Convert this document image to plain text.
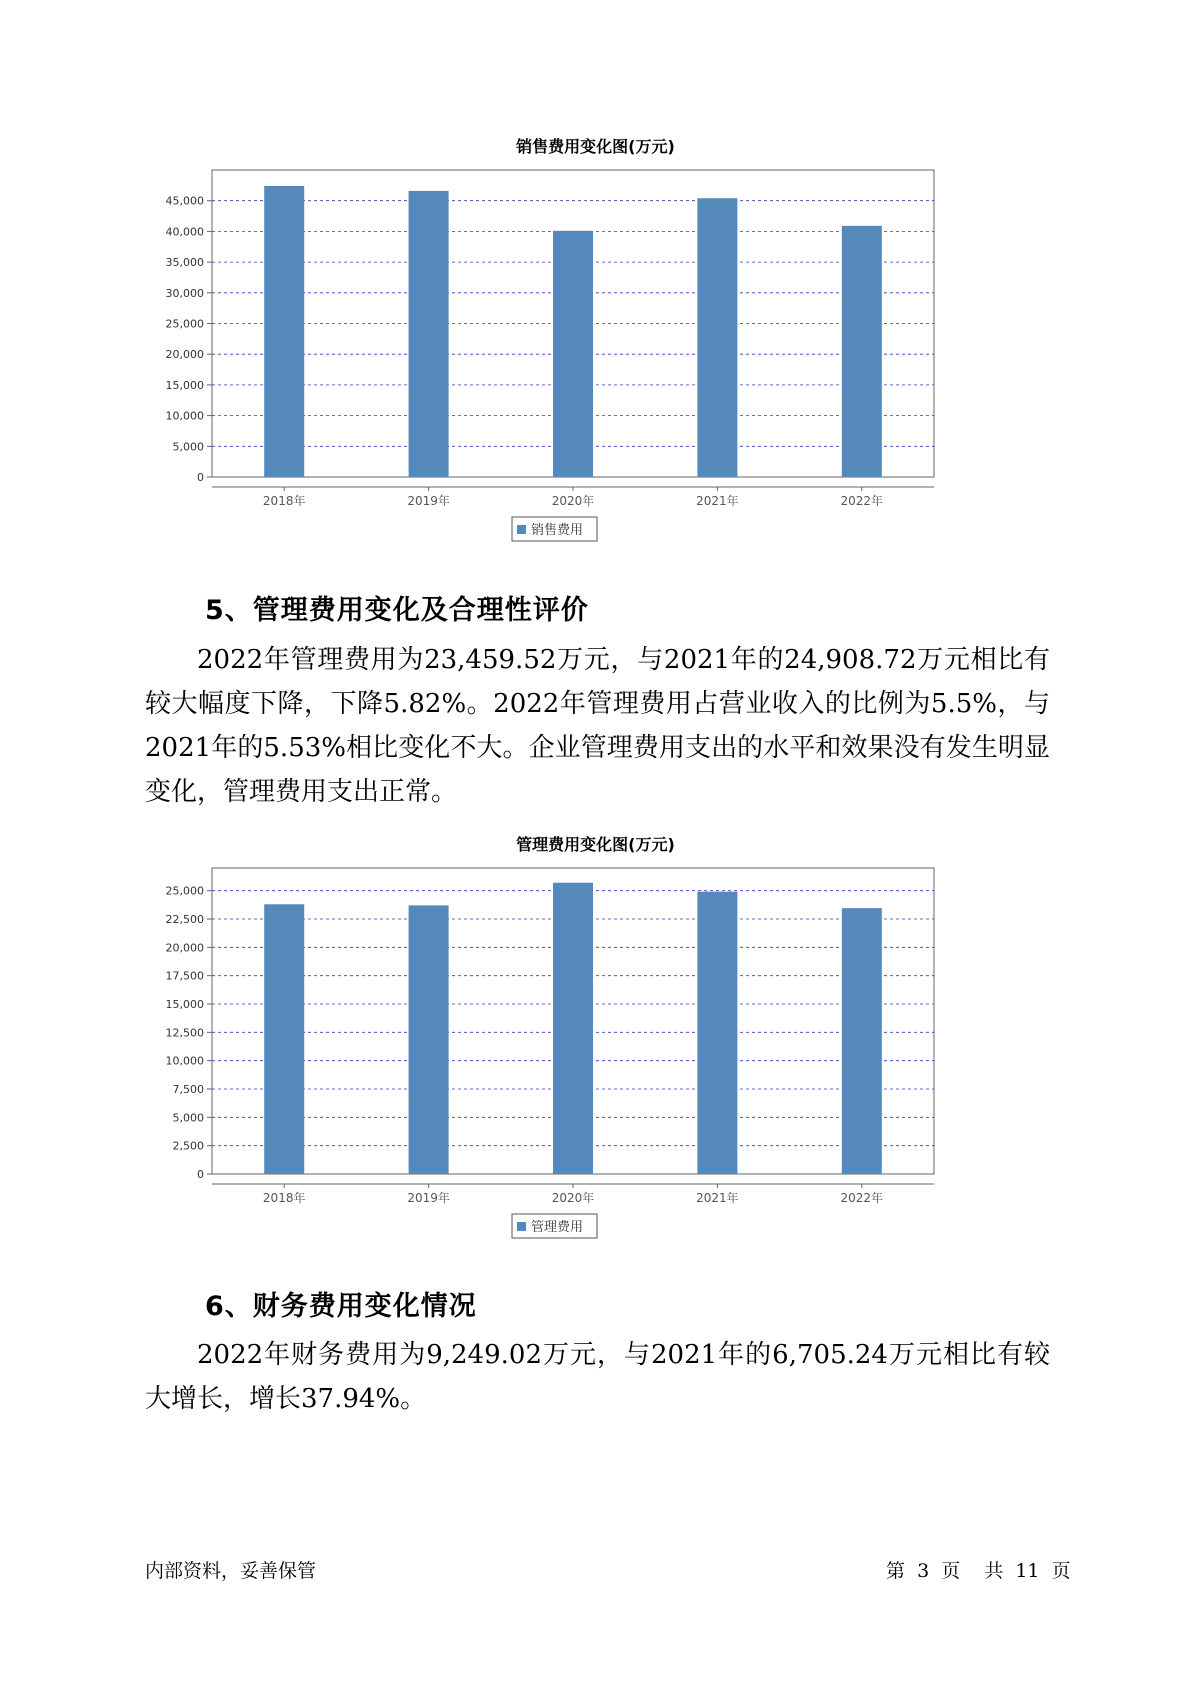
销售费用变化图(万元)
0
5,000
10,000
15,000
20,000
25,000
30,000
35,000
40,000
45,000
2018年	2019年	2020年	2021年	2022年
销售费用
5、管理费用变化及合理性评价
2022年管理费用为23,459.52万元，与2021年的24,908.72万元相比有较大幅度下降，下降5.82%。2022年管理费用占营业收入的比例为5.5%，与2021年的5.53%相比变化不大。企业管理费用支出的水平和效果没有发生明显变化，管理费用支出正常。
管理费用变化图(万元)
0
2,500
5,000
7,500
10,000
12,500
15,000
17,500
20,000
22,500
25,000
2018年	2019年	2020年	2021年	2022年
管理费用
6、财务费用变化情况
2022年财务费用为9,249.02万元，与2021年的6,705.24万元相比有较大增长，增长37.94%。
内部资料，妥善保管	第 3 页 共 11 页
